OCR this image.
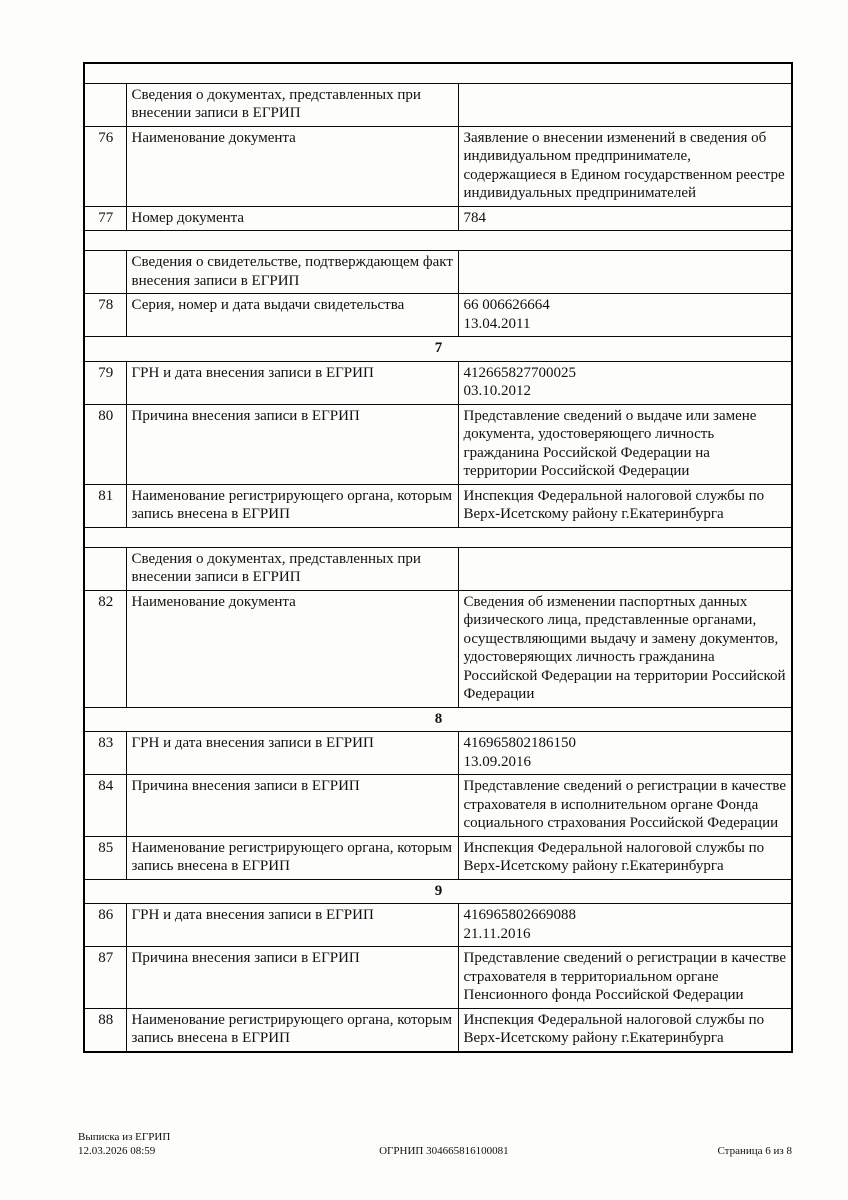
	Сведения о документах, представленных при внесении записи в ЕГРИП	
76	Наименование документа	Заявление о внесении изменений в сведения об индивидуальном предпринимателе, содержащиеся в Едином государственном реестре индивидуальных предпринимателей

77	Номер документа	784

	Сведения о свидетельстве, подтверждающем факт внесения записи в ЕГРИП	
78	Серия, номер и дата выдачи свидетельства	66 006626664
13.04.2011

7		
79	ГРН и дата внесения записи в ЕГРИП	412665827700025
03.10.2012

80	Причина внесения записи в ЕГРИП	Представление сведений о выдаче или замене документа, удостоверяющего личность гражданина Российской Федерации на территории Российской Федерации

81	Наименование регистрирующего органа, которым запись внесена в ЕГРИП	Инспекция Федеральной налоговой службы по Верх-Исетскому району г.Екатеринбурга

	Сведения о документах, представленных при внесении записи в ЕГРИП	
82	Наименование документа	Сведения об изменении паспортных данных физического лица, представленные органами, осуществляющими выдачу и замену документов, удостоверяющих личность гражданина Российской Федерации на территории Российской Федерации

8		
83	ГРН и дата внесения записи в ЕГРИП	416965802186150
13.09.2016

84	Причина внесения записи в ЕГРИП	Представление сведений о регистрации в качестве страхователя в исполнительном органе Фонда социального страхования Российской Федерации

85	Наименование регистрирующего органа, которым запись внесена в ЕГРИП	Инспекция Федеральной налоговой службы по Верх-Исетскому району г.Екатеринбурга

9		
86	ГРН и дата внесения записи в ЕГРИП	416965802669088
21.11.2016

87	Причина внесения записи в ЕГРИП	Представление сведений о регистрации в качестве страхователя в территориальном органе Пенсионного фонда Российской Федерации

88	Наименование регистрирующего органа, которым запись внесена в ЕГРИП	Инспекция Федеральной налоговой службы по Верх-Исетскому району г.Екатеринбурга
Выписка из ЕГРИП
12.03.2026 08:59	ОГРНИП 304665816100081	Страница 6 из 8
